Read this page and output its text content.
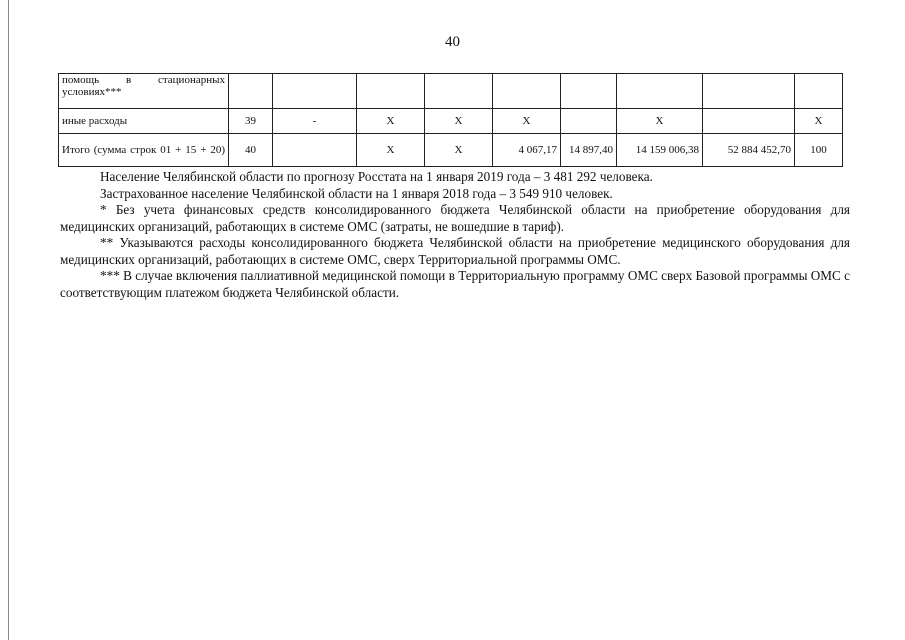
40
помощь в стационарных условиях***									
иные расходы	39	-	X	X	X		X		X
Итого (сумма строк 01 + 15 + 20)	40		X	X	4 067,17	14 897,40	14 159 006,38	52 884 452,70	100

Население Челябинской области по прогнозу Росстата на 1 января 2019 года – 3 481 292 человека.

Застрахованное население Челябинской области на 1 января 2018 года – 3 549 910 человек.

* Без учета финансовых средств консолидированного бюджета Челябинской области на приобретение оборудования для медицинских организаций, работающих в системе ОМС (затраты, не вошедшие в тариф).

** Указываются расходы консолидированного бюджета Челябинской области на приобретение медицинского оборудования для медицинских организаций, работающих в системе ОМС, сверх Территориальной программы ОМС.

*** В случае включения паллиативной медицинской помощи в Территориальную программу ОМС сверх Базовой программы ОМС с соответствующим платежом бюджета Челябинской области.
